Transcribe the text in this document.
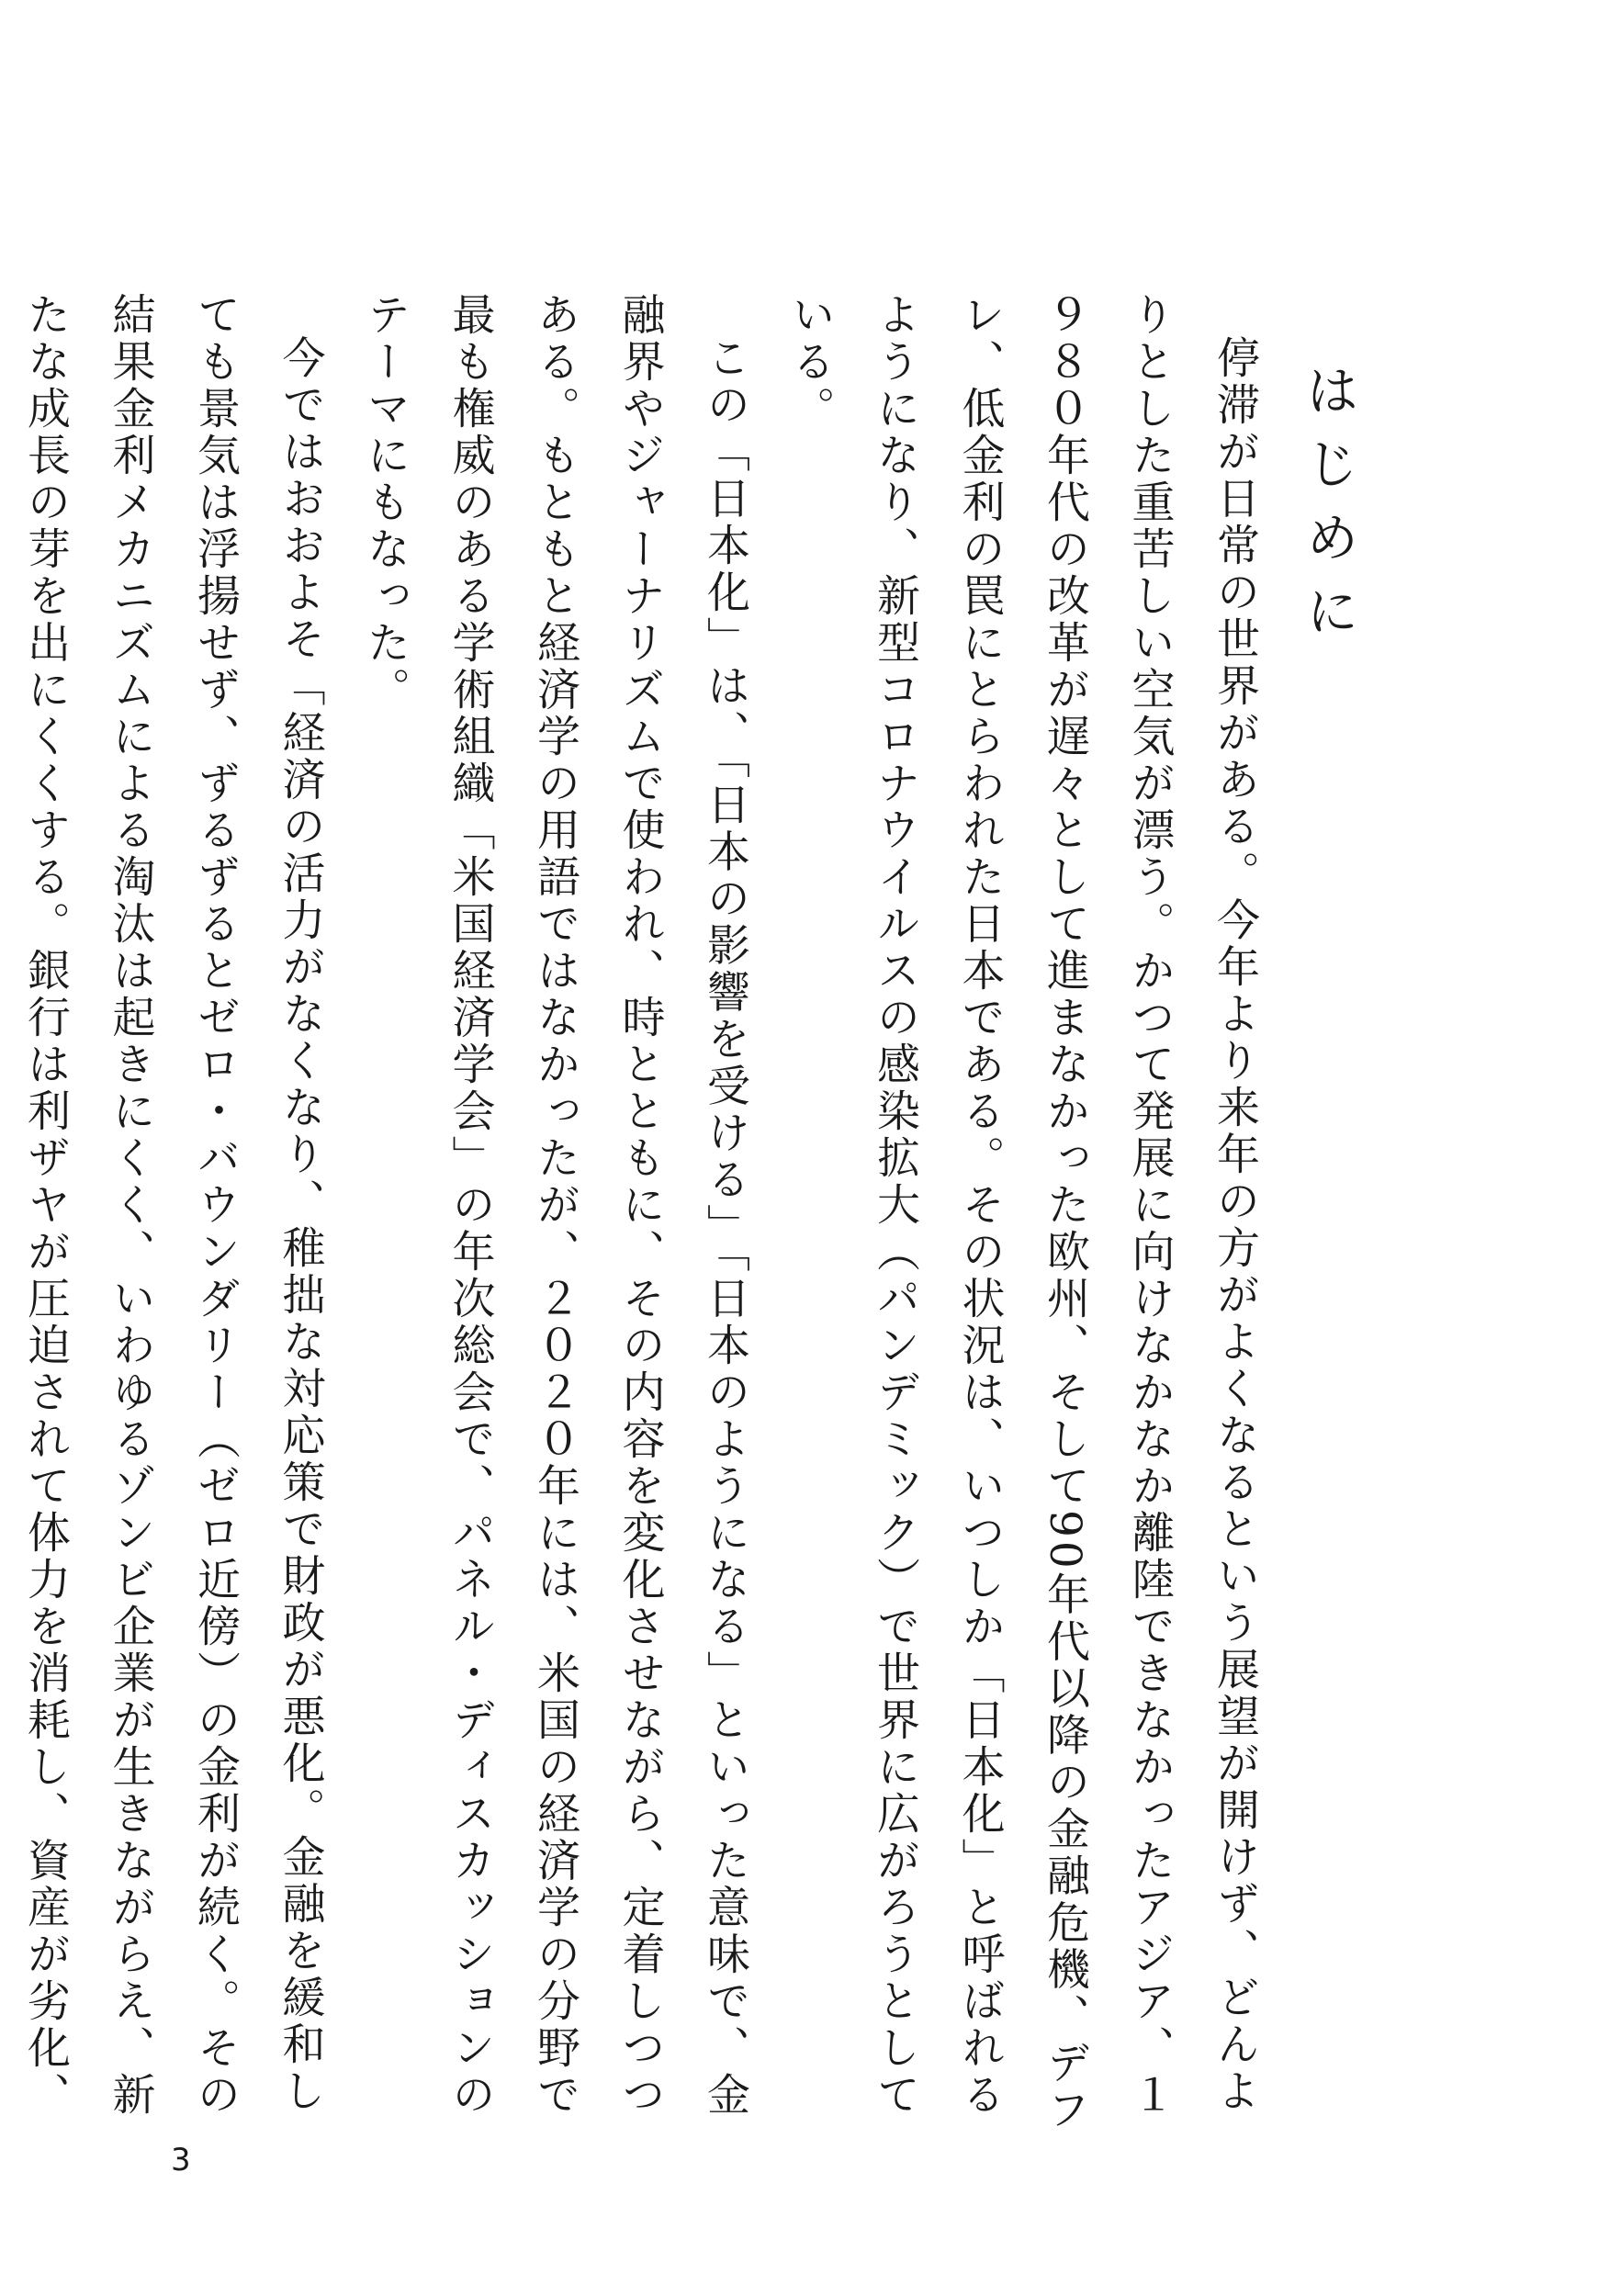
はじめに

停滞が日常の世界がある。今年より来年の方がよくなるという展望が開けず、どんよりとした重苦しい空気が漂う。かつて発展に向けなかなか離陸できなかったアジア、１９８０年代の改革が遅々として進まなかった欧州、そして90年代以降の金融危機、デフレ、低金利の罠にとらわれた日本である。その状況は、いつしか「日本化」と呼ばれるようになり、新型コロナウイルスの感染拡大（パンデミック）で世界に広がろうとしている。

この「日本化」は、「日本の影響を受ける」「日本のようになる」といった意味で、金融界やジャーナリズムで使われ、時とともに、その内容を変化させながら、定着しつつある。もともと経済学の用語ではなかったが、２０２０年には、米国の経済学の分野で最も権威のある学術組織「米国経済学会」の年次総会で、パネル・ディスカッションのテーマにもなった。

今ではおおよそ「経済の活力がなくなり、稚拙な対応策で財政が悪化。金融を緩和しても景気は浮揚せず、ずるずるとゼロ・バウンダリー（ゼロ近傍）の金利が続く。その結果金利メカニズムによる淘汰は起きにくく、いわゆるゾンビ企業が生きながらえ、新たな成長の芽を出にくくする。銀行は利ザヤが圧迫されて体力を消耗し、資産が劣化、

3
